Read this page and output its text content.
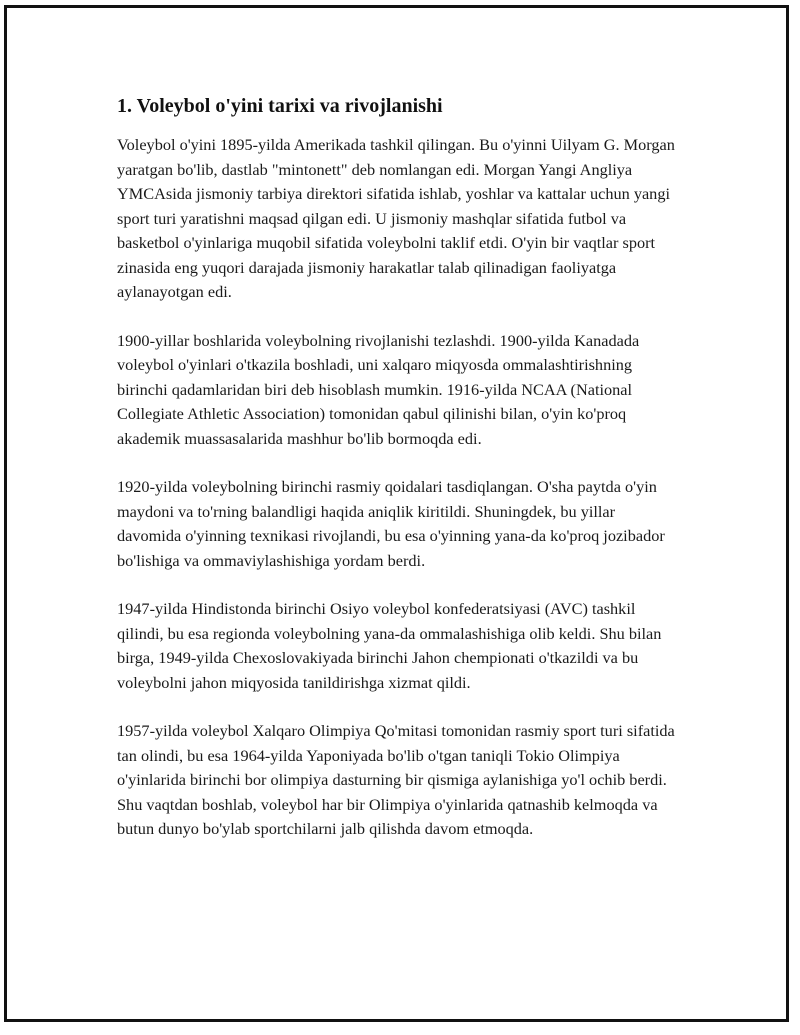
1. Voleybol o'yini tarixi va rivojlanishi

Voleybol o'yini 1895-yilda Amerikada tashkil qilingan. Bu o'yinni Uilyam G. Morgan yaratgan bo'lib, dastlab "mintonett" deb nomlangan edi. Morgan Yangi Angliya YMCAsida jismoniy tarbiya direktori sifatida ishlab, yoshlar va kattalar uchun yangi sport turi yaratishni maqsad qilgan edi. U jismoniy mashqlar sifatida futbol va basketbol o'yinlariga muqobil sifatida voleybolni taklif etdi. O'yin bir vaqtlar sport zinasida eng yuqori darajada jismoniy harakatlar talab qilinadigan faoliyatga aylanayotgan edi.

1900-yillar boshlarida voleybolning rivojlanishi tezlashdi. 1900-yilda Kanadada voleybol o'yinlari o'tkazila boshladi, uni xalqaro miqyosda ommalashtirishning birinchi qadamlaridan biri deb hisoblash mumkin. 1916-yilda NCAA (National Collegiate Athletic Association) tomonidan qabul qilinishi bilan, o'yin ko'proq akademik muassasalarida mashhur bo'lib bormoqda edi.

1920-yilda voleybolning birinchi rasmiy qoidalari tasdiqlangan. O'sha paytda o'yin maydoni va to'rning balandligi haqida aniqlik kiritildi. Shuningdek, bu yillar davomida o'yinning texnikasi rivojlandi, bu esa o'yinning yana-da ko'proq jozibador bo'lishiga va ommaviylashishiga yordam berdi.

1947-yilda Hindistonda birinchi Osiyo voleybol konfederatsiyasi (AVC) tashkil qilindi, bu esa regionda voleybolning yana-da ommalashishiga olib keldi. Shu bilan birga, 1949-yilda Chexoslovakiyada birinchi Jahon chempionati o'tkazildi va bu voleybolni jahon miqyosida tanildirishga xizmat qildi.

1957-yilda voleybol Xalqaro Olimpiya Qo'mitasi tomonidan rasmiy sport turi sifatida tan olindi, bu esa 1964-yilda Yaponiyada bo'lib o'tgan taniqli Tokio Olimpiya o'yinlarida birinchi bor olimpiya dasturning bir qismiga aylanishiga yo'l ochib berdi. Shu vaqtdan boshlab, voleybol har bir Olimpiya o'yinlarida qatnashib kelmoqda va butun dunyo bo'ylab sportchilarni jalb qilishda davom etmoqda.
